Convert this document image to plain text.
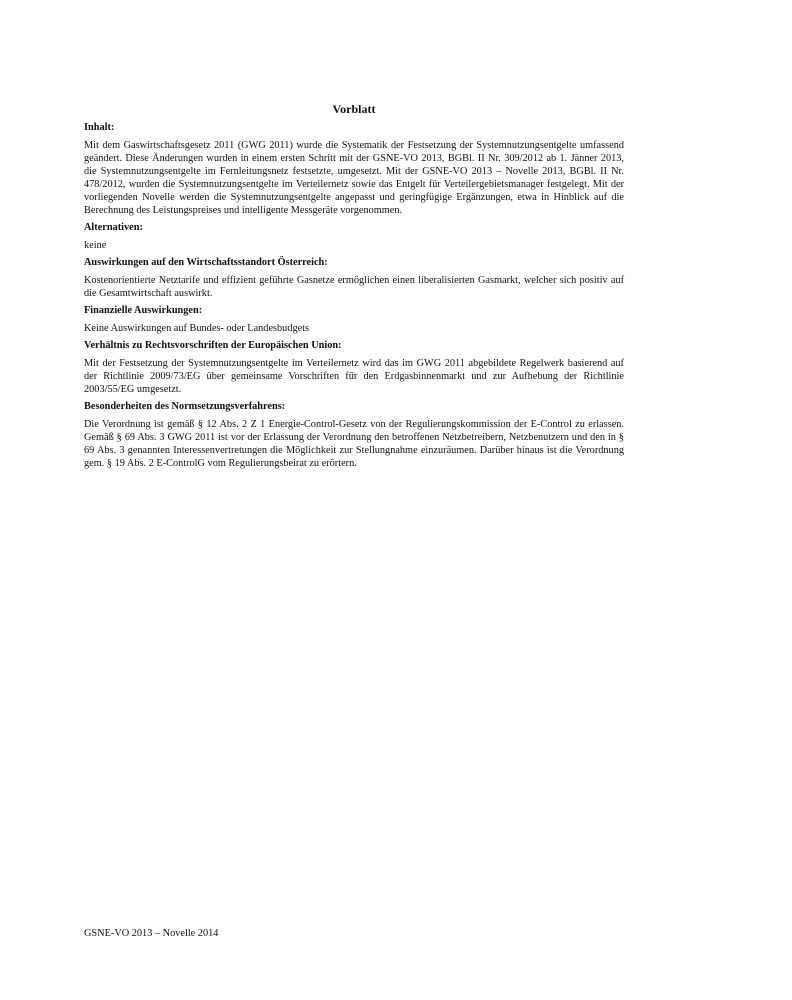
Vorblatt
Inhalt:
Mit dem Gaswirtschaftsgesetz 2011 (GWG 2011) wurde die Systematik der Festsetzung der Systemnutzungsentgelte umfassend geändert. Diese Änderungen wurden in einem ersten Schritt mit der GSNE-VO 2013, BGBl. II Nr. 309/2012 ab 1. Jänner 2013, die Systemnutzungsentgelte im Fernleitungsnetz festsetzte, umgesetzt. Mit der GSNE-VO 2013 – Novelle 2013, BGBl. II Nr. 478/2012, wurden die Systemnutzungsentgelte im Verteilernetz sowie das Entgelt für Verteilergebietsmanager festgelegt. Mit der vorliegenden Novelle werden die Systemnutzungsentgelte angepasst und geringfügige Ergänzungen, etwa in Hinblick auf die Berechnung des Leistungspreises und intelligente Messgeräte vorgenommen.
Alternativen:
keine
Auswirkungen auf den Wirtschaftsstandort Österreich:
Kostenorientierte Netztarife und effizient geführte Gasnetze ermöglichen einen liberalisierten Gasmarkt, welcher sich positiv auf die Gesamtwirtschaft auswirkt.
Finanzielle Auswirkungen:
Keine Auswirkungen auf Bundes- oder Landesbudgets
Verhältnis zu Rechtsvorschriften der Europäischen Union:
Mit der Festsetzung der Systemnutzungsentgelte im Verteilernetz wird das im GWG 2011 abgebildete Regelwerk basierend auf der Richtlinie 2009/73/EG über gemeinsame Vorschriften für den Erdgasbinnenmarkt und zur Aufhebung der Richtlinie 2003/55/EG umgesetzt.
Besonderheiten des Normsetzungsverfahrens:
Die Verordnung ist gemäß § 12 Abs. 2 Z 1 Energie-Control-Gesetz von der Regulierungskommission der E-Control zu erlassen. Gemäß § 69 Abs. 3 GWG 2011 ist vor der Erlassung der Verordnung den betroffenen Netzbetreibern, Netzbenutzern und den in § 69 Abs. 3 genannten Interessenvertretungen die Möglichkeit zur Stellungnahme einzuräumen. Darüber hinaus ist die Verordnung gem. § 19 Abs. 2 E-ControlG vom Regulierungsbeirat zu erörtern.
GSNE-VO 2013 – Novelle 2014
